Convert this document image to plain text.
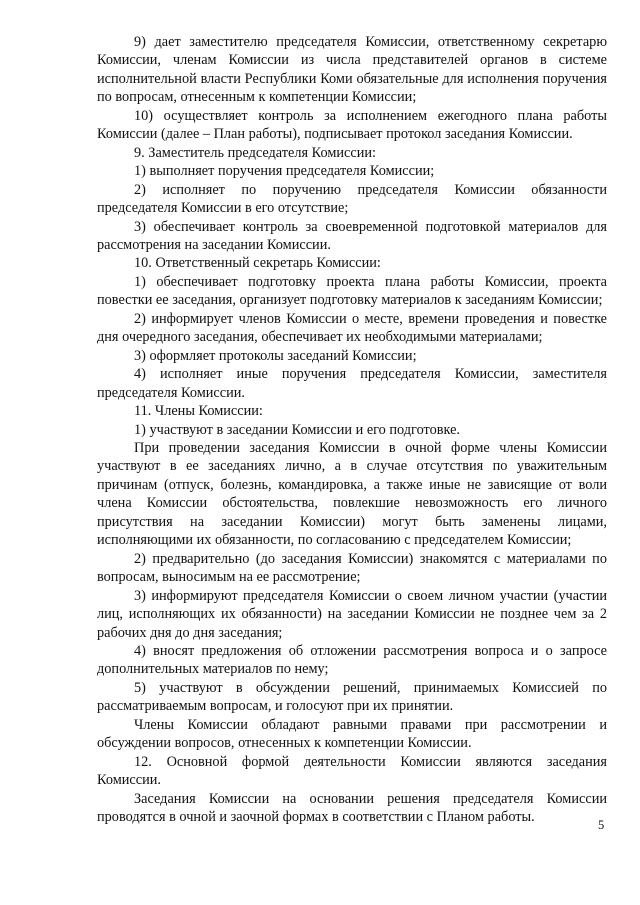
9) дает заместителю председателя Комиссии, ответственному секретарю Комиссии, членам Комиссии из числа представителей органов в системе исполнительной власти Республики Коми обязательные для исполнения поручения по вопросам, отнесенным к компетенции Комиссии;

10) осуществляет контроль за исполнением ежегодного плана работы Комиссии (далее – План работы), подписывает протокол заседания Комиссии.

9. Заместитель председателя Комиссии:

1) выполняет поручения председателя Комиссии;

2) исполняет по поручению председателя Комиссии обязанности председателя Комиссии в его отсутствие;

3) обеспечивает контроль за своевременной подготовкой материалов для рассмотрения на заседании Комиссии.

10. Ответственный секретарь Комиссии:

1) обеспечивает подготовку проекта плана работы Комиссии, проекта повестки ее заседания, организует подготовку материалов к заседаниям Комиссии;

2) информирует членов Комиссии о месте, времени проведения и повестке дня очередного заседания, обеспечивает их необходимыми материалами;

3) оформляет протоколы заседаний Комиссии;

4) исполняет иные поручения председателя Комиссии, заместителя председателя Комиссии.

11. Члены Комиссии:

1) участвуют в заседании Комиссии и его подготовке.

При проведении заседания Комиссии в очной форме члены Комиссии участвуют в ее заседаниях лично, а в случае отсутствия по уважительным причинам (отпуск, болезнь, командировка, а также иные не зависящие от воли члена Комиссии обстоятельства, повлекшие невозможность его личного присутствия на заседании Комиссии) могут быть заменены лицами, исполняющими их обязанности, по согласованию с председателем Комиссии;

2) предварительно (до заседания Комиссии) знакомятся с материалами по вопросам, выносимым на ее рассмотрение;

3) информируют председателя Комиссии о своем личном участии (участии лиц, исполняющих их обязанности) на заседании Комиссии не позднее чем за 2 рабочих дня до дня заседания;

4) вносят предложения об отложении рассмотрения вопроса и о запросе дополнительных материалов по нему;

5) участвуют в обсуждении решений, принимаемых Комиссией по рассматриваемым вопросам, и голосуют при их принятии.

Члены Комиссии обладают равными правами при рассмотрении и обсуждении вопросов, отнесенных к компетенции Комиссии.

12. Основной формой деятельности Комиссии являются заседания Комиссии.

Заседания Комиссии на основании решения председателя Комиссии проводятся в очной и заочной формах в соответствии с Планом работы.	5
